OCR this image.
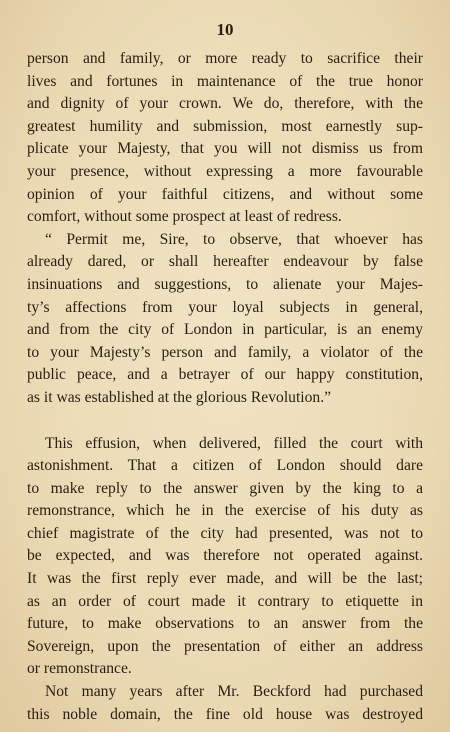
10
person and family, or more ready to sacrifice their
lives and fortunes in maintenance of the true honor
and dignity of your crown. We do, therefore, with the
greatest humility and submission, most earnestly sup-
plicate your Majesty, that you will not dismiss us from
your presence, without expressing a more favourable
opinion of your faithful citizens, and without some
comfort, without some prospect at least of redress.
“ Permit me, Sire, to observe, that whoever has
already dared, or shall hereafter endeavour by false
insinuations and suggestions, to alienate your Majes-
ty’s affections from your loyal subjects in general,
and from the city of London in particular, is an enemy
to your Majesty’s person and family, a violator of the
public peace, and a betrayer of our happy constitution,
as it was established at the glorious Revolution.”
This effusion, when delivered, filled the court with
astonishment. That a citizen of London should dare
to make reply to the answer given by the king to a
remonstrance, which he in the exercise of his duty as
chief magistrate of the city had presented, was not to
be expected, and was therefore not operated against.
It was the first reply ever made, and will be the last;
as an order of court made it contrary to etiquette in
future, to make observations to an answer from the
Sovereign, upon the presentation of either an address
or remonstrance.
Not many years after Mr. Beckford had purchased
this noble domain, the fine old house was destroyed
